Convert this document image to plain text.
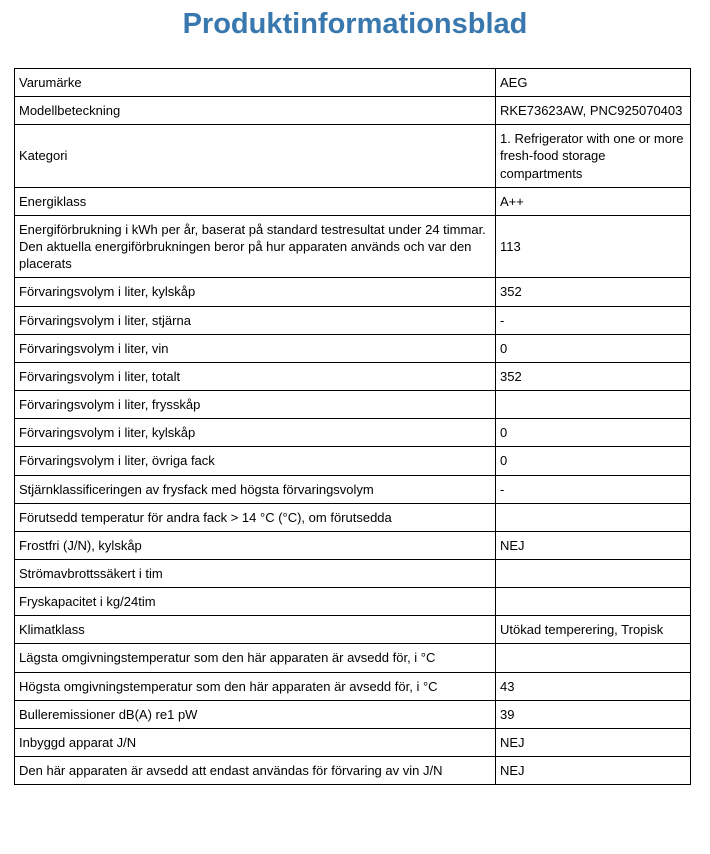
Produktinformationsblad
Varumärke	AEG
Modellbeteckning	RKE73623AW, PNC925070403
Kategori	1. Refrigerator with one or more fresh-food storage compartments
Energiklass	A++
Energiförbrukning i kWh per år, baserat på standard testresultat under 24 timmar. Den aktuella energiförbrukningen beror på hur apparaten används och var den placerats	113
Förvaringsvolym i liter, kylskåp	352
Förvaringsvolym i liter, stjärna	-
Förvaringsvolym i liter, vin	0
Förvaringsvolym i liter, totalt	352
Förvaringsvolym i liter, frysskåp	
Förvaringsvolym i liter, kylskåp	0
Förvaringsvolym i liter, övriga fack	0
Stjärnklassificeringen av frysfack med högsta förvaringsvolym	-
Förutsedd temperatur för andra fack > 14 °C (°C), om förutsedda	
Frostfri (J/N), kylskåp	NEJ
Strömavbrottssäkert i tim	
Fryskapacitet i kg/24tim	
Klimatklass	Utökad temperering, Tropisk
Lägsta omgivningstemperatur som den här apparaten är avsedd för, i °C	
Högsta omgivningstemperatur som den här apparaten är avsedd för, i °C	43
Bulleremissioner dB(A) re1 pW	39
Inbyggd apparat J/N	NEJ
Den här apparaten är avsedd att endast användas för förvaring av vin J/N	NEJ
